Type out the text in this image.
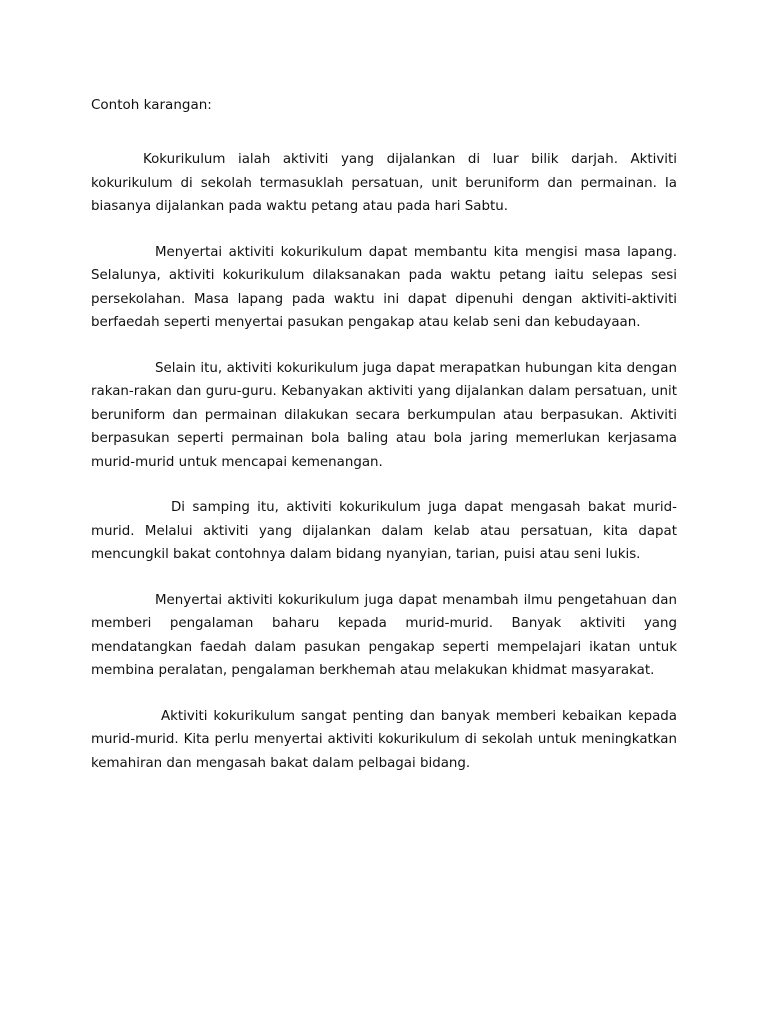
Contoh karangan:

Kokurikulum ialah aktiviti yang dijalankan di luar bilik darjah. Aktiviti kokurikulum di sekolah termasuklah persatuan, unit beruniform dan permainan. Ia biasanya dijalankan pada waktu petang atau pada hari Sabtu.

Menyertai aktiviti kokurikulum dapat membantu kita mengisi masa lapang. Selalunya, aktiviti kokurikulum dilaksanakan pada waktu petang iaitu selepas sesi persekolahan. Masa lapang pada waktu ini dapat dipenuhi dengan aktiviti-aktiviti berfaedah seperti menyertai pasukan pengakap atau kelab seni dan kebudayaan.

Selain itu, aktiviti kokurikulum juga dapat merapatkan hubungan kita dengan rakan-rakan dan guru-guru. Kebanyakan aktiviti yang dijalankan dalam persatuan, unit beruniform dan permainan dilakukan secara berkumpulan atau berpasukan. Aktiviti berpasukan seperti permainan bola baling atau bola jaring memerlukan kerjasama murid-murid untuk mencapai kemenangan.

Di samping itu, aktiviti kokurikulum juga dapat mengasah bakat murid-murid. Melalui aktiviti yang dijalankan dalam kelab atau persatuan, kita dapat mencungkil bakat contohnya dalam bidang nyanyian, tarian, puisi atau seni lukis.

Menyertai aktiviti kokurikulum juga dapat menambah ilmu pengetahuan dan memberi pengalaman baharu kepada murid-murid. Banyak aktiviti yang mendatangkan faedah dalam pasukan pengakap seperti mempelajari ikatan untuk membina peralatan, pengalaman berkhemah atau melakukan khidmat masyarakat.

Aktiviti kokurikulum sangat penting dan banyak memberi kebaikan kepada murid-murid. Kita perlu menyertai aktiviti kokurikulum di sekolah untuk meningkatkan kemahiran dan mengasah bakat dalam pelbagai bidang.
